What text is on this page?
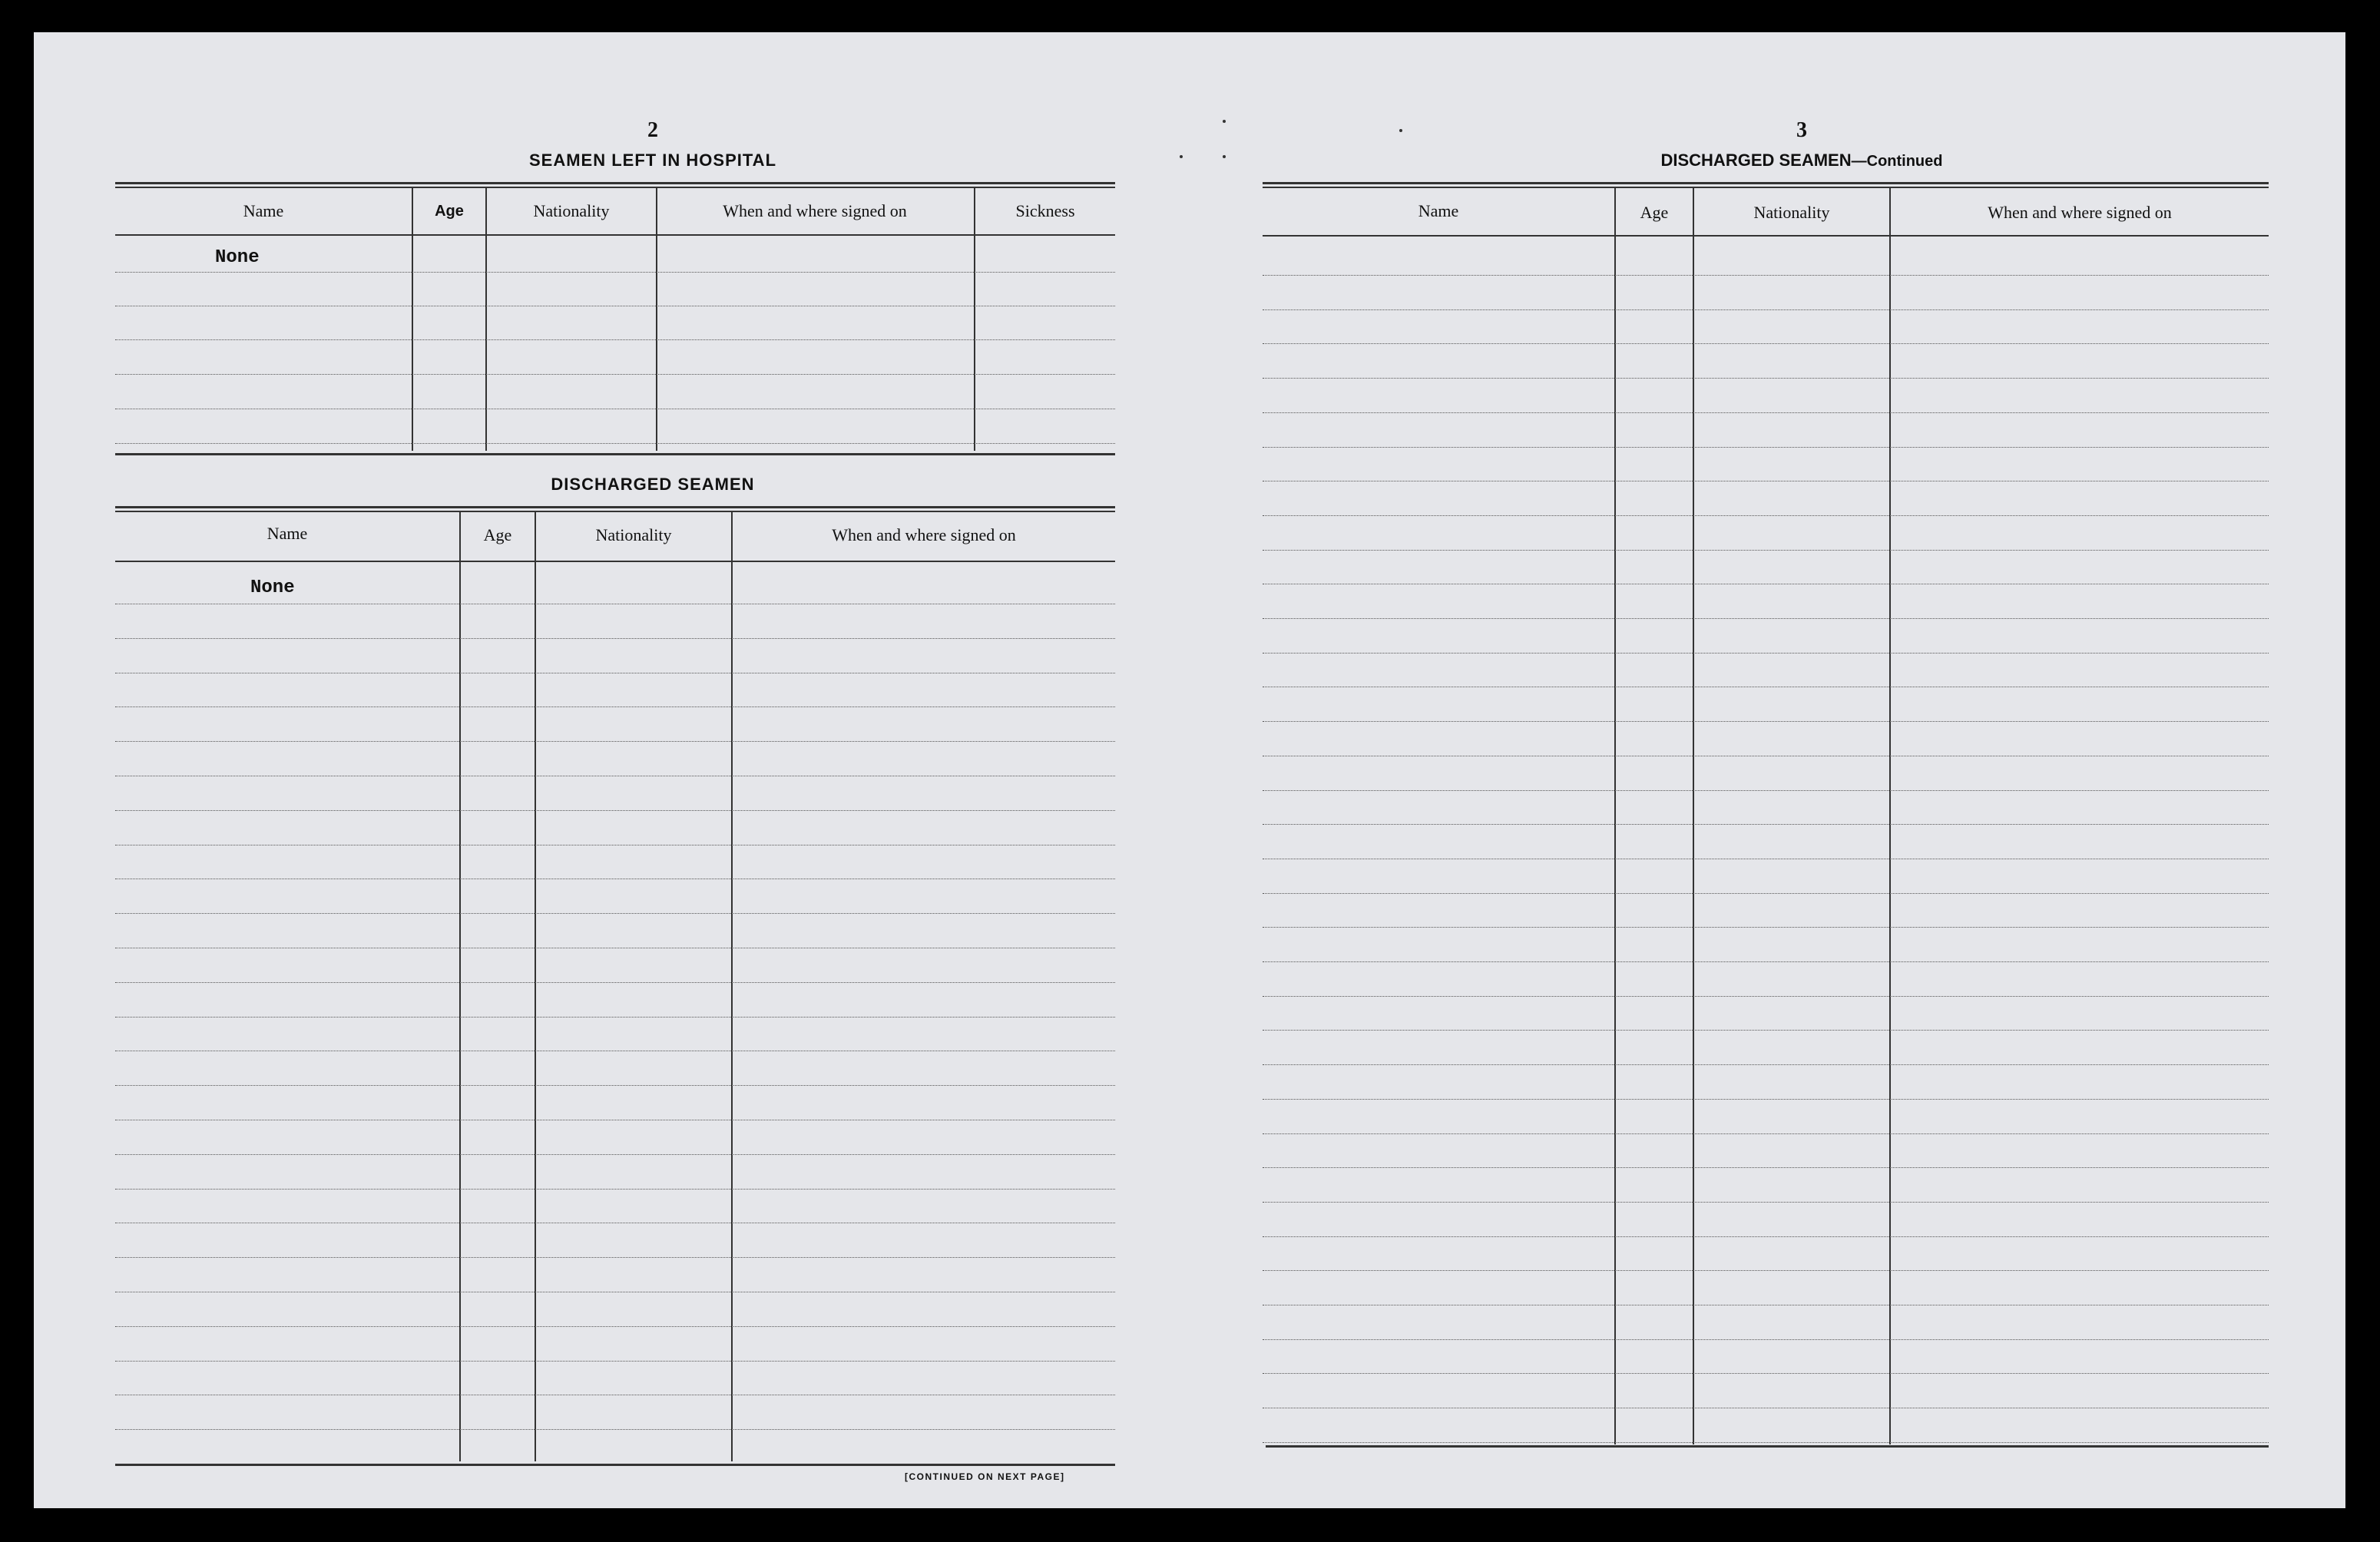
2
SEAMEN LEFT IN HOSPITAL
Name	Age	Nationality	When and where signed on	Sickness
None
DISCHARGED SEAMEN
Name	Age	Nationality	When and where signed on
None
[CONTINUED ON NEXT PAGE]
3
DISCHARGED SEAMEN—Continued
Name	Age	Nationality	When and where signed on
